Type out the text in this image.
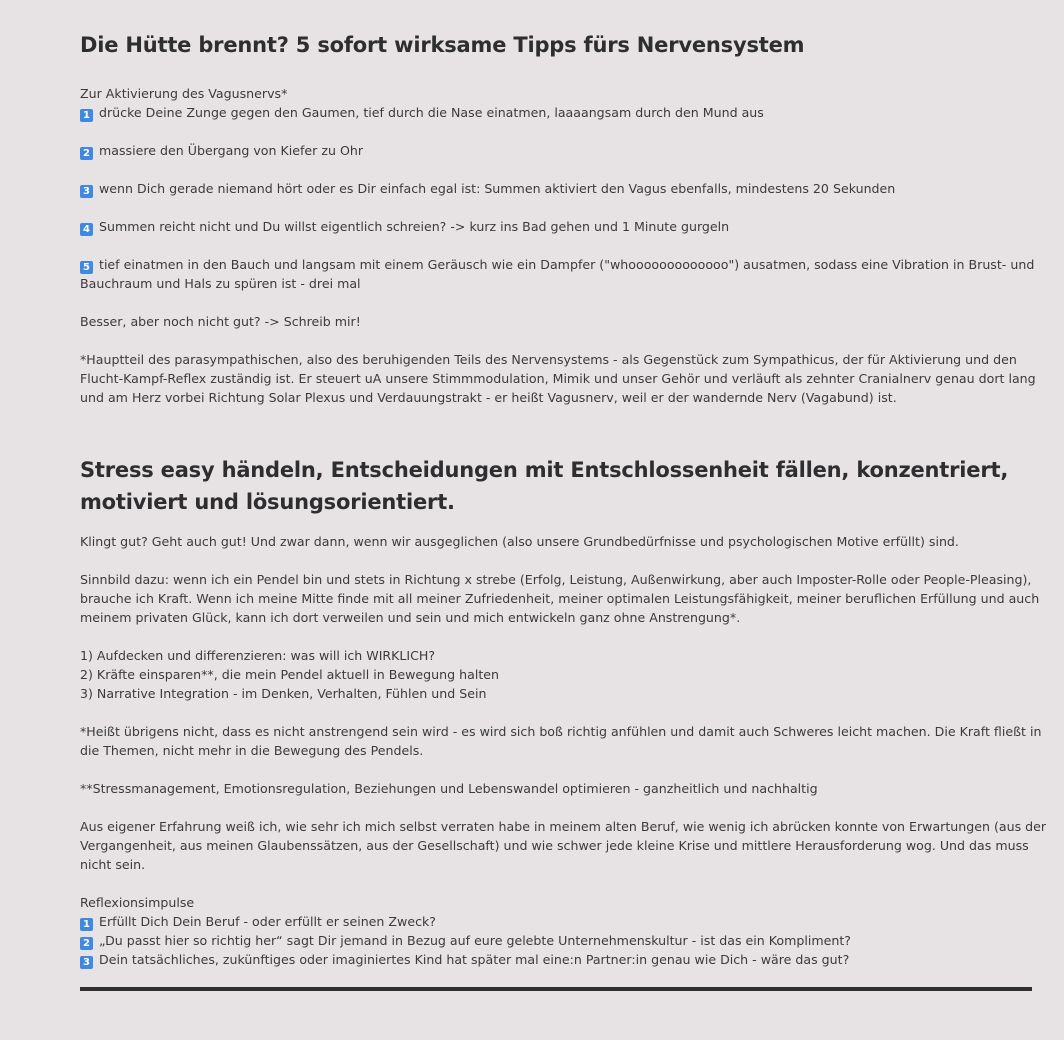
Die Hütte brennt? 5 sofort wirksame Tipps fürs Nervensystem

Zur Aktivierung des Vagusnervs*

1 drücke Deine Zunge gegen den Gaumen, tief durch die Nase einatmen, laaaangsam durch den Mund aus

2 massiere den Übergang von Kiefer zu Ohr

3 wenn Dich gerade niemand hört oder es Dir einfach egal ist: Summen aktiviert den Vagus ebenfalls, mindestens 20 Sekunden

4 Summen reicht nicht und Du willst eigentlich schreien? -> kurz ins Bad gehen und 1 Minute gurgeln

5 tief einatmen in den Bauch und langsam mit einem Geräusch wie ein Dampfer ("whooooooooooooo") ausatmen, sodass eine Vibration in Brust- und
Bauchraum und Hals zu spüren ist - drei mal

Besser, aber noch nicht gut? -> Schreib mir!

*Hauptteil des parasympathischen, also des beruhigenden Teils des Nervensystems - als Gegenstück zum Sympathicus, der für Aktivierung und den
Flucht-Kampf-Reflex zuständig ist. Er steuert uA unsere Stimmmodulation, Mimik und unser Gehör und verläuft als zehnter Cranialnerv genau dort lang
und am Herz vorbei Richtung Solar Plexus und Verdauungstrakt - er heißt Vagusnerv, weil er der wandernde Nerv (Vagabund) ist.

Stress easy händeln, Entscheidungen mit Entschlossenheit fällen, konzentriert,
motiviert und lösungsorientiert.

Klingt gut? Geht auch gut! Und zwar dann, wenn wir ausgeglichen (also unsere Grundbedürfnisse und psychologischen Motive erfüllt) sind.

Sinnbild dazu: wenn ich ein Pendel bin und stets in Richtung x strebe (Erfolg, Leistung, Außenwirkung, aber auch Imposter-Rolle oder People-Pleasing),
brauche ich Kraft. Wenn ich meine Mitte finde mit all meiner Zufriedenheit, meiner optimalen Leistungsfähigkeit, meiner beruflichen Erfüllung und auch
meinem privaten Glück, kann ich dort verweilen und sein und mich entwickeln ganz ohne Anstrengung*.

1) Aufdecken und differenzieren: was will ich WIRKLICH?
2) Kräfte einsparen**, die mein Pendel aktuell in Bewegung halten
3) Narrative Integration - im Denken, Verhalten, Fühlen und Sein

*Heißt übrigens nicht, dass es nicht anstrengend sein wird - es wird sich boß richtig anfühlen und damit auch Schweres leicht machen. Die Kraft fließt in
die Themen, nicht mehr in die Bewegung des Pendels.

**Stressmanagement, Emotionsregulation, Beziehungen und Lebenswandel optimieren - ganzheitlich und nachhaltig

Aus eigener Erfahrung weiß ich, wie sehr ich mich selbst verraten habe in meinem alten Beruf, wie wenig ich abrücken konnte von Erwartungen (aus der
Vergangenheit, aus meinen Glaubenssätzen, aus der Gesellschaft) und wie schwer jede kleine Krise und mittlere Herausforderung wog. Und das muss
nicht sein.

Reflexionsimpulse
1 Erfüllt Dich Dein Beruf - oder erfüllt er seinen Zweck?
2 „Du passt hier so richtig her“ sagt Dir jemand in Bezug auf eure gelebte Unternehmenskultur - ist das ein Kompliment?
3 Dein tatsächliches, zukünftiges oder imaginiertes Kind hat später mal eine:n Partner:in genau wie Dich - wäre das gut?
